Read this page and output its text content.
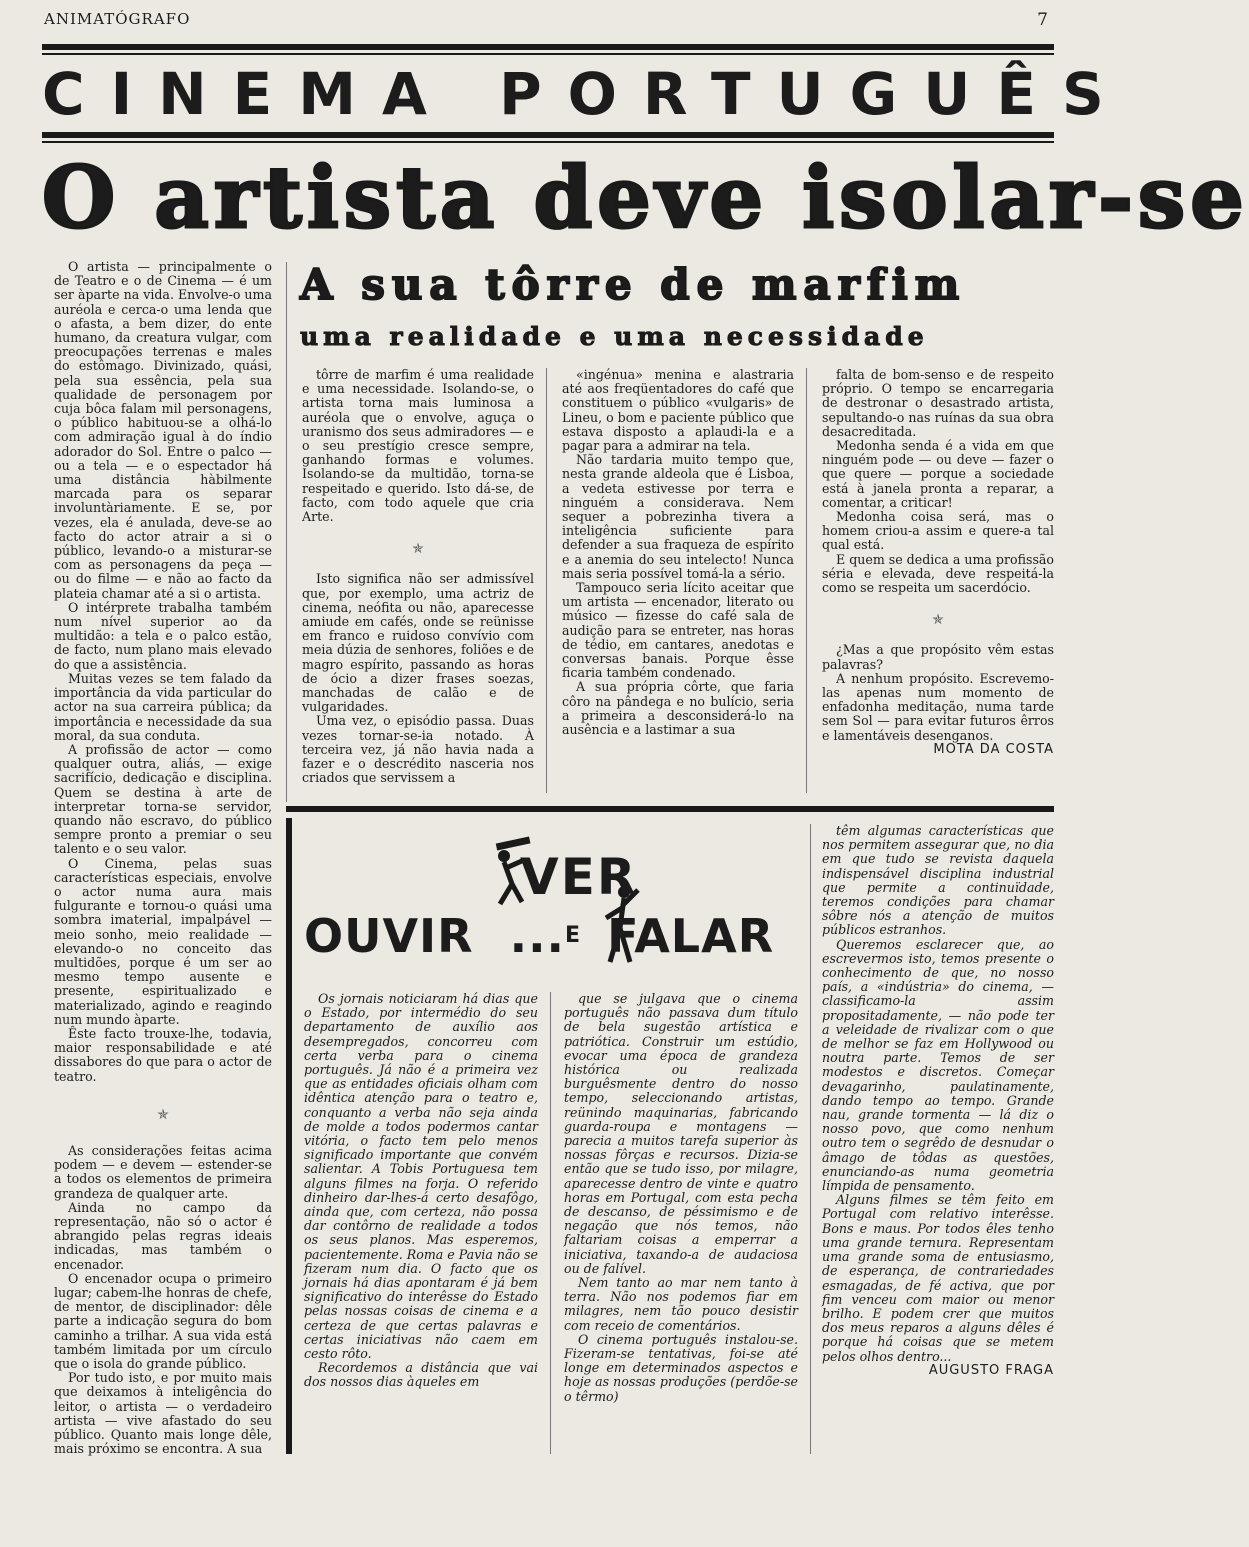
ANIMATÓGRAFO	7
CINEMA PORTUGUÊS
O artista deve isolar-se
A sua tôrre de marfim
uma realidade e uma necessidade

O artista — principalmente o de Teatro e o de Cinema — é um ser àparte na vida. Envolve-o uma auréola e cerca-o uma lenda que o afasta, a bem dizer, do ente humano, da creatura vulgar, com preocupações terrenas e males do estômago. Divinizado, quási, pela sua essência, pela sua qualidade de personagem por cuja bôca falam mil personagens, o público habituou-se a olhá-lo com admiração igual à do índio adorador do Sol. Entre o palco — ou a tela — e o espectador há uma distância hàbilmente marcada para os separar involuntàriamente. E se, por vezes, ela é anulada, deve-se ao facto do actor atrair a si o público, levando-o a misturar-se com as personagens da peça — ou do filme — e não ao facto da plateia chamar até a si o artista.

O intérprete trabalha também num nível superior ao da multidão: a tela e o palco estão, de facto, num plano mais elevado do que a assistência.

Muitas vezes se tem falado da importância da vida particular do actor na sua carreira pública; da importância e necessidade da sua moral, da sua conduta.

A profissão de actor — como qualquer outra, aliás, — exige sacrifício, dedicação e disciplina. Quem se destina à arte de interpretar torna-se servidor, quando não escravo, do público sempre pronto a premiar o seu talento e o seu valor.

O Cinema, pelas suas características especiais, envolve o actor numa aura mais fulgurante e tornou-o quási uma sombra imaterial, impalpável — meio sonho, meio realidade — elevando-o no conceito das multidões, porque é um ser ao mesmo tempo ausente e presente, espiritualizado e materializado, agindo e reagindo num mundo àparte.

Êste facto trouxe-lhe, todavia, maior responsabilidade e até dissabores do que para o actor de teatro.

✯

As considerações feitas acima podem — e devem — estender-se a todos os elementos de primeira grandeza de qualquer arte.

Ainda no campo da representação, não só o actor é abrangido pelas regras ideais indicadas, mas também o encenador.

O encenador ocupa o primeiro lugar; cabem-lhe honras de chefe, de mentor, de disciplinador: dêle parte a indicação segura do bom caminho a trilhar. A sua vida está também limitada por um círculo que o isola do grande público.

Por tudo isto, e por muito mais que deixamos à inteligência do leitor, o artista — o verdadeiro artista — vive afastado do seu público. Quanto mais longe dêle, mais próximo se encontra. A sua

tôrre de marfim é uma realidade e uma necessidade. Isolando-se, o artista torna mais luminosa a auréola que o envolve, aguça o uranismo dos seus admiradores — e o seu prestígio cresce sempre, ganhando formas e volumes. Isolando-se da multidão, torna-se respeitado e querido. Isto dá-se, de facto, com todo aquele que cria Arte.

✯

Isto significa não ser admissível que, por exemplo, uma actriz de cinema, neófita ou não, aparecesse amiude em cafés, onde se reünisse em franco e ruidoso convívio com meia dúzia de senhores, foliões e de magro espírito, passando as horas de ócio a dizer frases soezas, manchadas de calão e de vulgaridades.

Uma vez, o episódio passa. Duas vezes tornar-se-ia notado. À terceira vez, já não havia nada a fazer e o descrédito nasceria nos criados que servissem a

«ingénua» menina e alastraria até aos freqüentadores do café que constituem o público «vulgaris» de Lineu, o bom e paciente público que estava disposto a aplaudi-la e a pagar para a admirar na tela.

Não tardaria muito tempo que, nesta grande aldeola que é Lisboa, a vedeta estivesse por terra e ninguém a considerava. Nem sequer a pobrezinha tivera a inteligência suficiente para defender a sua fraqueza de espírito e a anemia do seu intelecto! Nunca mais seria possível tomá-la a sério.

Tampouco seria lícito aceitar que um artista — encenador, literato ou músico — fizesse do café sala de audição para se entreter, nas horas de tédio, em cantares, anedotas e conversas banais. Porque êsse ficaria também condenado.

A sua própria côrte, que faria côro na pândega e no bulício, seria a primeira a desconsiderá-lo na ausência e a lastimar a sua

falta de bom-senso e de respeito próprio. O tempo se encarregaria de destronar o desastrado artista, sepultando-o nas ruínas da sua obra desacreditada.

Medonha senda é a vida em que ninguém pode — ou deve — fazer o que quere — porque a sociedade está à janela pronta a reparar, a comentar, a criticar!

Medonha coisa será, mas o homem criou-a assim e quere-a tal qual está.

E quem se dedica a uma profissão séria e elevada, deve respeitá-la como se respeita um sacerdócio.

✯

¿Mas a que propósito vêm estas palavras?

A nenhum propósito. Escrevemo-las apenas num momento de enfadonha meditação, numa tarde sem Sol — para evitar futuros êrros e lamentáveis desenganos.

MOTA DA COSTA

VER
OUVIR ...$^E$ FALAR

Os jornais noticiaram há dias que o Estado, por intermédio do seu departamento de auxílio aos desempregados, concorreu com certa verba para o cinema português. Já não é a primeira vez que as entidades oficiais olham com idêntica atenção para o teatro e, conquanto a verba não seja ainda de molde a todos podermos cantar vitória, o facto tem pelo menos significado importante que convém salientar. A Tobis Portuguesa tem alguns filmes na forja. O referido dinheiro dar-lhes-á certo desafôgo, ainda que, com certeza, não possa dar contôrno de realidade a todos os seus planos. Mas esperemos, pacientemente. Roma e Pavia não se fizeram num dia. O facto que os jornais há dias apontaram é já bem significativo do interêsse do Estado pelas nossas coisas de cinema e a certeza de que certas palavras e certas iniciativas não caem em cesto rôto.

Recordemos a distância que vai dos nossos dias àqueles em

que se julgava que o cinema português não passava dum título de bela sugestão artística e patriótica. Construir um estúdio, evocar uma época de grandeza histórica ou realizada burguêsmente dentro do nosso tempo, seleccionando artistas, reünindo maquinarias, fabricando guarda-roupa e montagens — parecia a muitos tarefa superior às nossas fôrças e recursos. Dizia-se então que se tudo isso, por milagre, aparecesse dentro de vinte e quatro horas em Portugal, com esta pecha de descanso, de péssimismo e de negação que nós temos, não faltariam coisas a emperrar a iniciativa, taxando-a de audaciosa ou de falível.

Nem tanto ao mar nem tanto à terra. Não nos podemos fiar em milagres, nem tão pouco desistir com receio de comentários.

O cinema português instalou-se. Fizeram-se tentativas, foi-se até longe em determinados aspectos e hoje as nossas produções (perdõe-se o têrmo)

têm algumas características que nos permitem assegurar que, no dia em que tudo se revista daquela indispensável disciplina industrial que permite a continuïdade, teremos condições para chamar sôbre nós a atenção de muitos públicos estranhos.

Queremos esclarecer que, ao escrevermos isto, temos presente o conhecimento de que, no nosso país, a «indústria» do cinema, — classificamo-la assim propositadamente, — não pode ter a veleidade de rivalizar com o que de melhor se faz em Hollywood ou noutra parte. Temos de ser modestos e discretos. Começar devagarinho, paulatinamente, dando tempo ao tempo. Grande nau, grande tormenta — lá diz o nosso povo, que como nenhum outro tem o segrêdo de desnudar o âmago de tôdas as questões, enunciando-as numa geometria límpida de pensamento.

Alguns filmes se têm feito em Portugal com relativo interêsse. Bons e maus. Por todos êles tenho uma grande ternura. Representam uma grande soma de entusiasmo, de esperança, de contrariedades esmagadas, de fé activa, que por fim venceu com maior ou menor brilho. E podem crer que muitos dos meus reparos a alguns dêles é porque há coisas que se metem pelos olhos dentro...

AUGUSTO FRAGA
